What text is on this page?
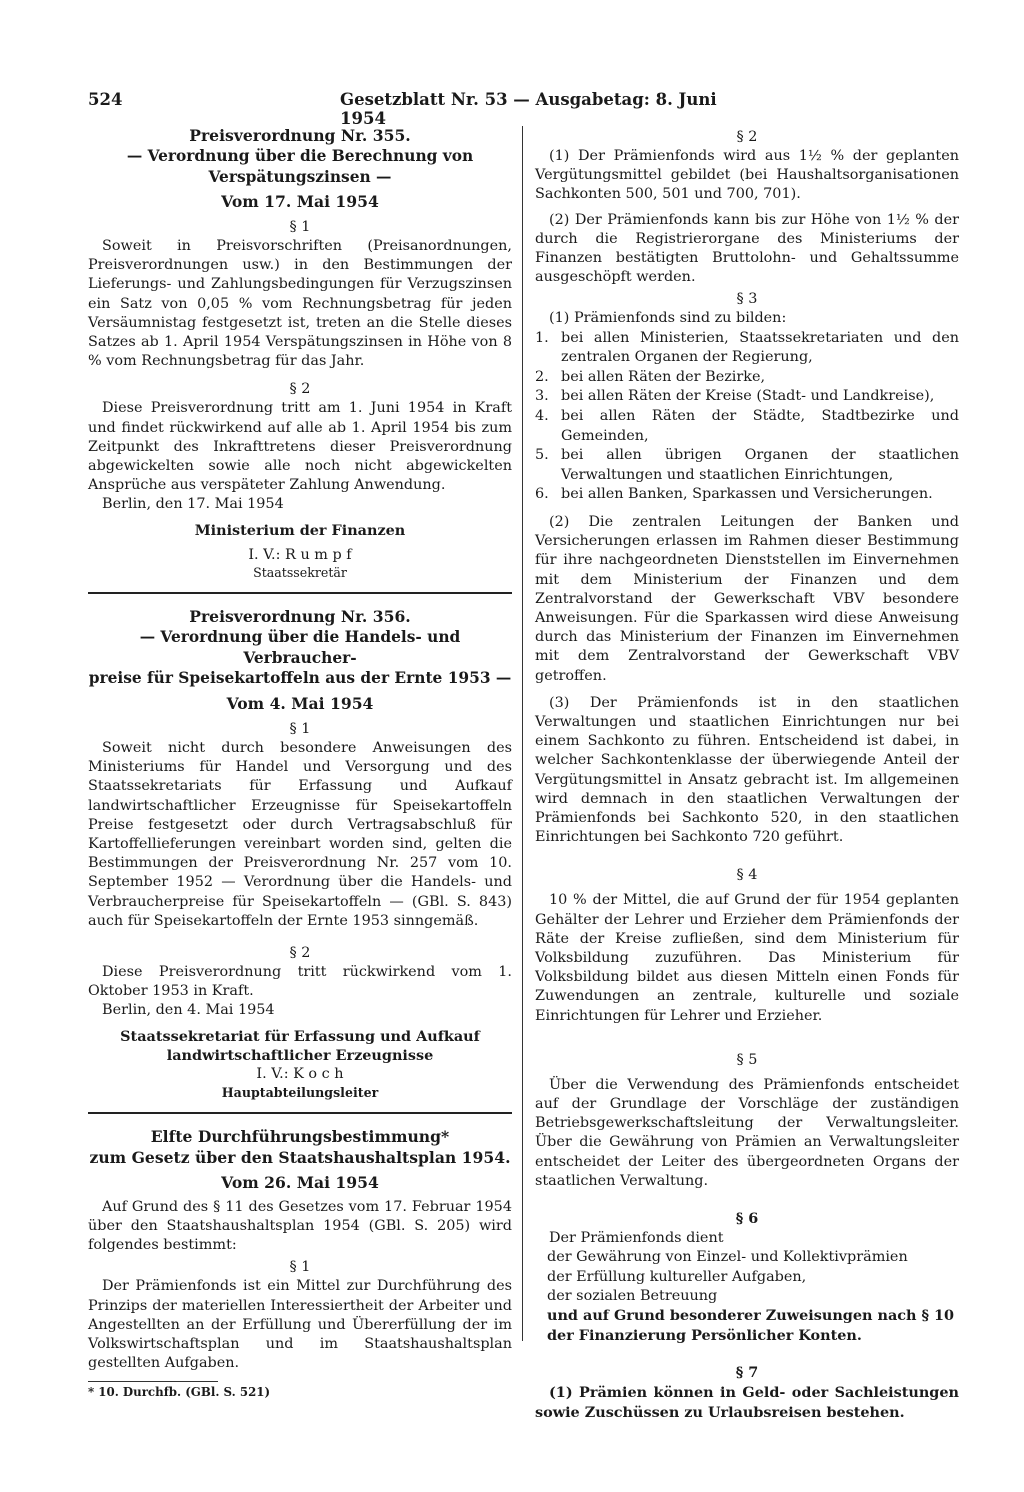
524	Gesetzblatt Nr. 53 — Ausgabetag: 8. Juni 1954

Preisverordnung Nr. 355.

— Verordnung über die Berechnung von

Verspätungszinsen —

Vom 17. Mai 1954

§ 1

Soweit in Preisvorschriften (Preisanordnungen, Preisverordnungen usw.) in den Bestimmungen der Lieferungs- und Zahlungsbedingungen für Verzugszinsen ein Satz von 0,05 % vom Rechnungsbetrag für jeden Versäumnistag festgesetzt ist, treten an die Stelle dieses Satzes ab 1. April 1954 Verspätungszinsen in Höhe von 8 % vom Rechnungsbetrag für das Jahr.

§ 2

Diese Preisverordnung tritt am 1. Juni 1954 in Kraft und findet rückwirkend auf alle ab 1. April 1954 bis zum Zeitpunkt des Inkrafttretens dieser Preisverordnung abgewickelten sowie alle noch nicht abgewickelten Ansprüche aus verspäteter Zahlung Anwendung.

Berlin, den 17. Mai 1954

Ministerium der Finanzen

I. V.: R u m p f

Staatssekretär

Preisverordnung Nr. 356.

— Verordnung über die Handels- und Verbraucher-

preise für Speisekartoffeln aus der Ernte 1953 —

Vom 4. Mai 1954

§ 1

Soweit nicht durch besondere Anweisungen des Ministeriums für Handel und Versorgung und des Staatssekretariats für Erfassung und Aufkauf landwirtschaftlicher Erzeugnisse für Speisekartoffeln Preise festgesetzt oder durch Vertragsabschluß für Kartoffellieferungen vereinbart worden sind, gelten die Bestimmungen der Preisverordnung Nr. 257 vom 10. September 1952 — Verordnung über die Handels- und Verbraucherpreise für Speisekartoffeln — (GBl. S. 843) auch für Speisekartoffeln der Ernte 1953 sinngemäß.

§ 2

Diese Preisverordnung tritt rückwirkend vom 1. Oktober 1953 in Kraft.

Berlin, den 4. Mai 1954

Staatssekretariat für Erfassung und Aufkauf

landwirtschaftlicher Erzeugnisse

I. V.: K o c h

Hauptabteilungsleiter

Elfte Durchführungsbestimmung*

zum Gesetz über den Staatshaushaltsplan 1954.

Vom 26. Mai 1954

Auf Grund des § 11 des Gesetzes vom 17. Februar 1954 über den Staatshaushaltsplan 1954 (GBl. S. 205) wird folgendes bestimmt:

§ 1

Der Prämienfonds ist ein Mittel zur Durchführung des Prinzips der materiellen Interessiertheit der Arbeiter und Angestellten an der Erfüllung und Übererfüllung der im Volkswirtschaftsplan und im Staatshaushaltsplan gestellten Aufgaben.

* 10. Durchfb. (GBl. S. 521)

§ 2

(1) Der Prämienfonds wird aus 1½ % der geplanten Vergütungsmittel gebildet (bei Haushaltsorganisationen Sachkonten 500, 501 und 700, 701).

(2) Der Prämienfonds kann bis zur Höhe von 1½ % der durch die Registrierorgane des Ministeriums der Finanzen bestätigten Bruttolohn- und Gehaltssumme ausgeschöpft werden.

§ 3

(1) Prämienfonds sind zu bilden:

1. bei allen Ministerien, Staatssekretariaten und den zentralen Organen der Regierung,
2. bei allen Räten der Bezirke,
3. bei allen Räten der Kreise (Stadt- und Landkreise),
4. bei allen Räten der Städte, Stadtbezirke und Gemeinden,
5. bei allen übrigen Organen der staatlichen Verwaltungen und staatlichen Einrichtungen,
6. bei allen Banken, Sparkassen und Versicherungen.

(2) Die zentralen Leitungen der Banken und Versicherungen erlassen im Rahmen dieser Bestimmung für ihre nachgeordneten Dienststellen im Einvernehmen mit dem Ministerium der Finanzen und dem Zentralvorstand der Gewerkschaft VBV besondere Anweisungen. Für die Sparkassen wird diese Anweisung durch das Ministerium der Finanzen im Einvernehmen mit dem Zentralvorstand der Gewerkschaft VBV getroffen.

(3) Der Prämienfonds ist in den staatlichen Verwaltungen und staatlichen Einrichtungen nur bei einem Sachkonto zu führen. Entscheidend ist dabei, in welcher Sachkontenklasse der überwiegende Anteil der Vergütungsmittel in Ansatz gebracht ist. Im allgemeinen wird demnach in den staatlichen Verwaltungen der Prämienfonds bei Sachkonto 520, in den staatlichen Einrichtungen bei Sachkonto 720 geführt.

§ 4

10 % der Mittel, die auf Grund der für 1954 geplanten Gehälter der Lehrer und Erzieher dem Prämienfonds der Räte der Kreise zufließen, sind dem Ministerium für Volksbildung zuzuführen. Das Ministerium für Volksbildung bildet aus diesen Mitteln einen Fonds für Zuwendungen an zentrale, kulturelle und soziale Einrichtungen für Lehrer und Erzieher.

§ 5

Über die Verwendung des Prämienfonds entscheidet auf der Grundlage der Vorschläge der zuständigen Betriebsgewerkschaftsleitung der Verwaltungsleiter. Über die Gewährung von Prämien an Verwaltungsleiter entscheidet der Leiter des übergeordneten Organs der staatlichen Verwaltung.

§ 6

Der Prämienfonds dient

der Gewährung von Einzel- und Kollektivprämien

der Erfüllung kultureller Aufgaben,

der sozialen Betreuung

und auf Grund besonderer Zuweisungen nach § 10

der Finanzierung Persönlicher Konten.

§ 7

(1) Prämien können in Geld- oder Sachleistungen sowie Zuschüssen zu Urlaubsreisen bestehen.
